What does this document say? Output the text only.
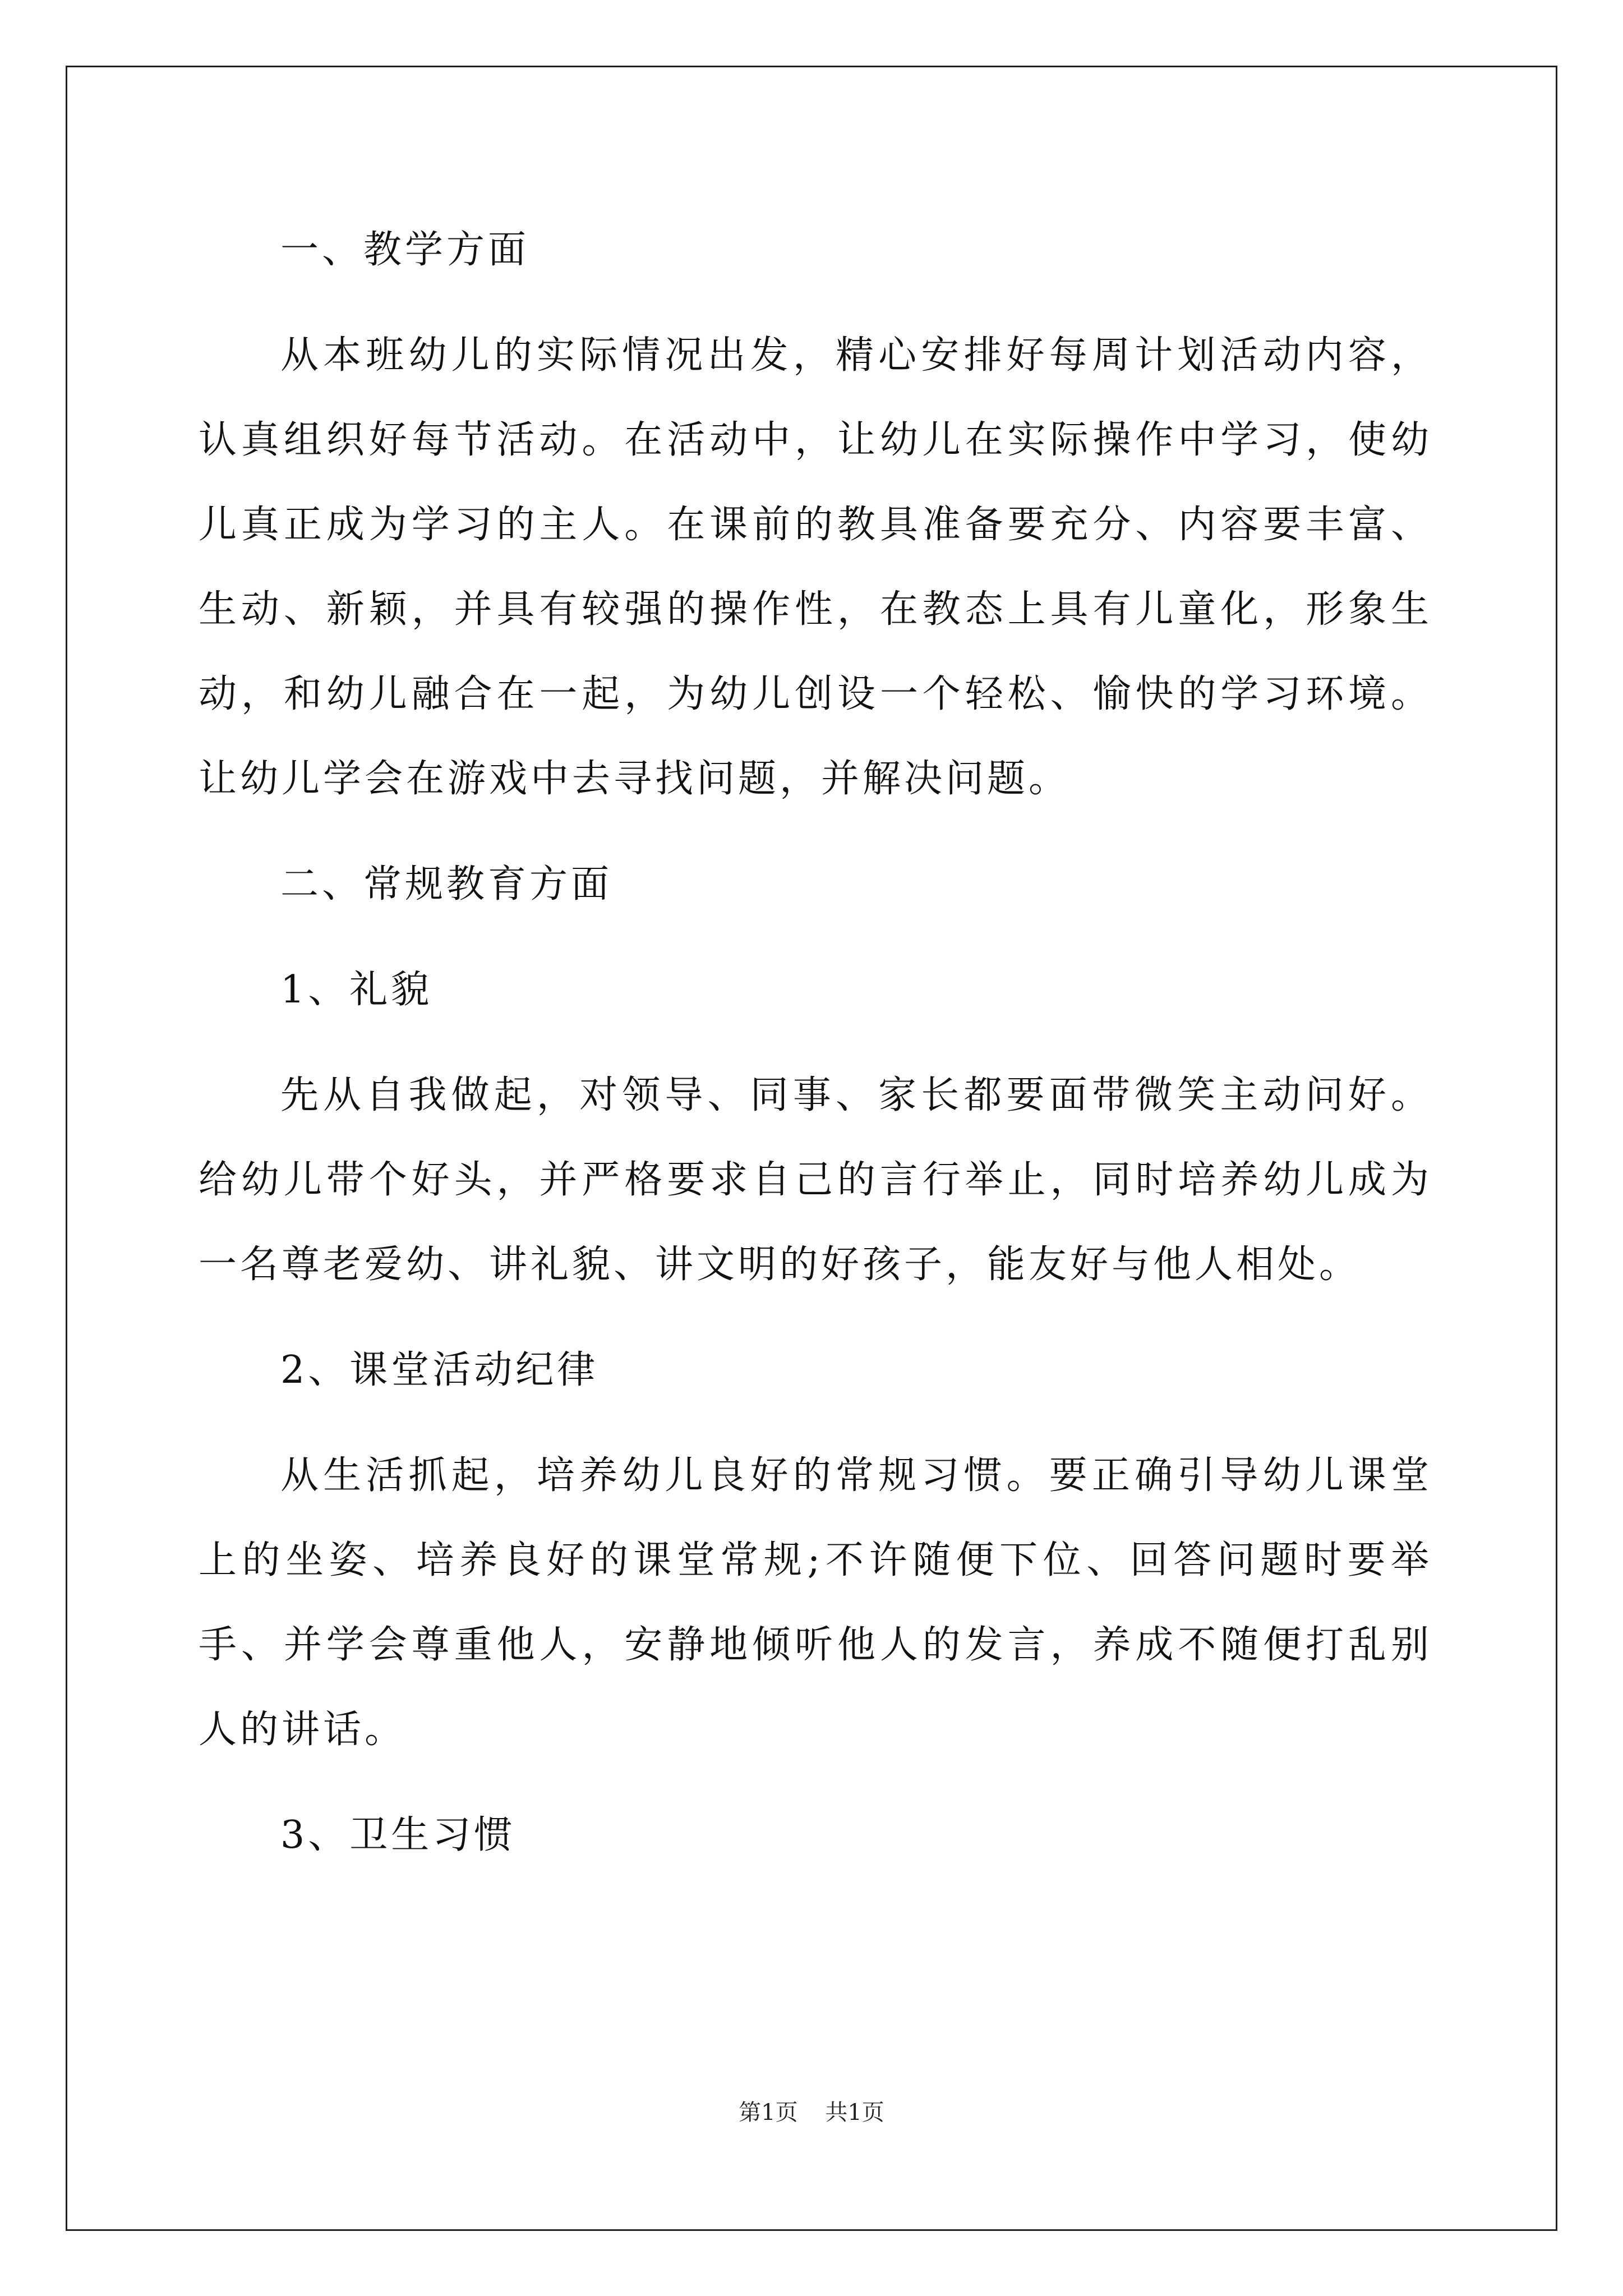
一、教学方面

从本班幼儿的实际情况出发，精心安排好每周计划活动内容，认真组织好每节活动。在活动中，让幼儿在实际操作中学习，使幼儿真正成为学习的主人。在课前的教具准备要充分、内容要丰富、生动、新颖，并具有较强的操作性，在教态上具有儿童化，形象生动，和幼儿融合在一起，为幼儿创设一个轻松、愉快的学习环境。让幼儿学会在游戏中去寻找问题，并解决问题。

二、常规教育方面

1、礼貌

先从自我做起，对领导、同事、家长都要面带微笑主动问好。给幼儿带个好头，并严格要求自己的言行举止，同时培养幼儿成为一名尊老爱幼、讲礼貌、讲文明的好孩子，能友好与他人相处。

2、课堂活动纪律

从生活抓起，培养幼儿良好的常规习惯。要正确引导幼儿课堂上的坐姿、培养良好的课堂常规;不许随便下位、回答问题时要举手、并学会尊重他人，安静地倾听他人的发言，养成不随便打乱别人的讲话。

3、卫生习惯

第1页 共1页
